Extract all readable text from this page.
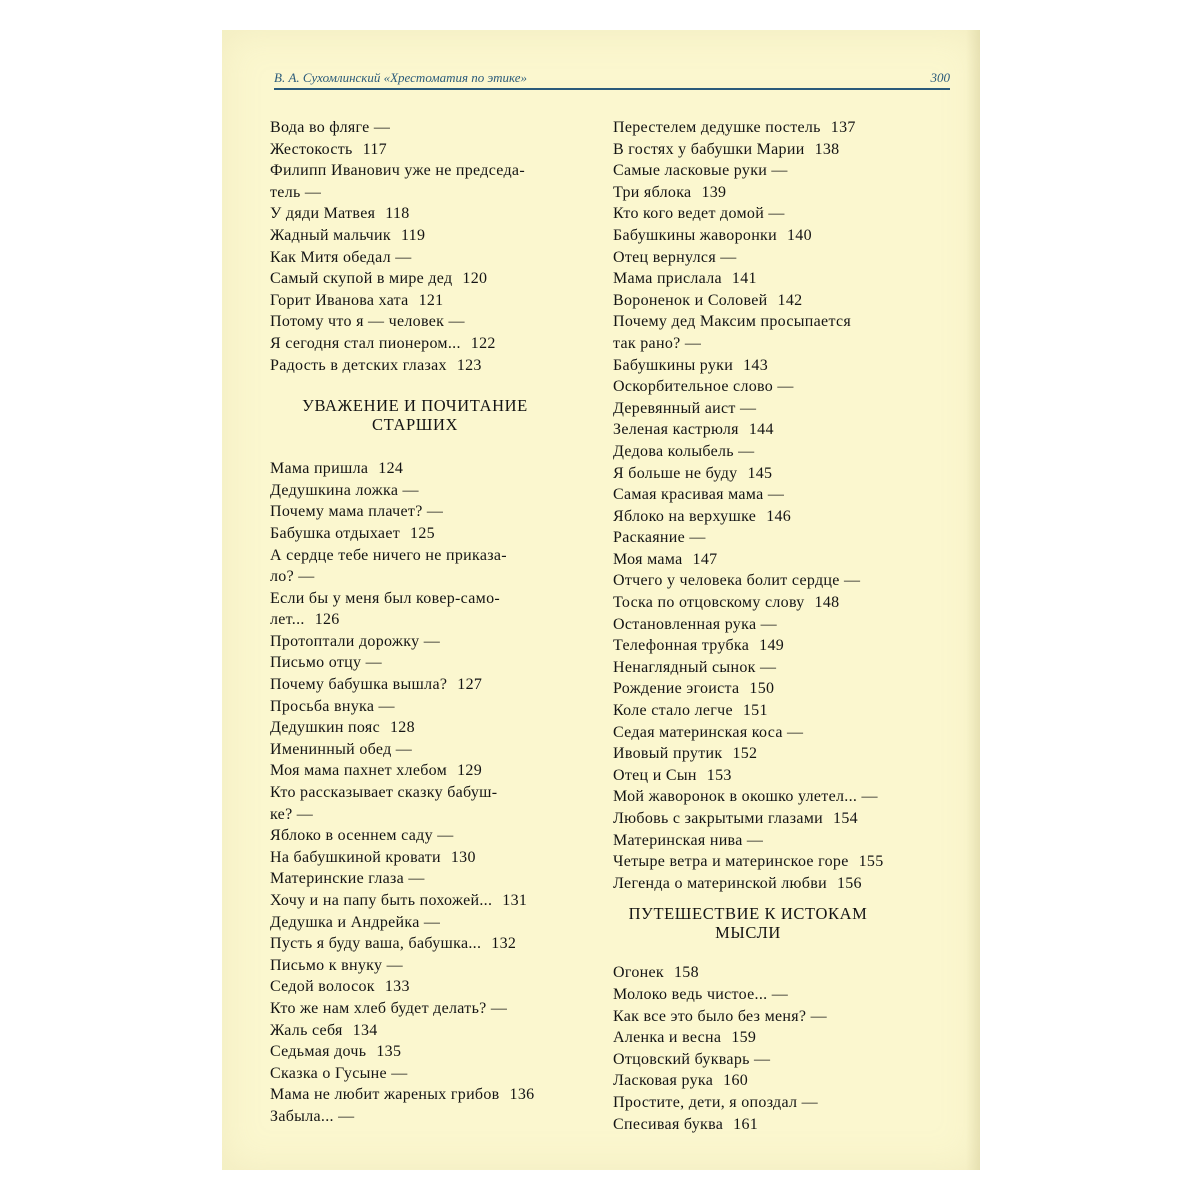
В. А. Сухомлинский «Хрестоматия по этике»	300
Вода во фляге —
Жестокость 117
Филипп Иванович уже не председа-
тель —
У дяди Матвея 118
Жадный мальчик 119
Как Митя обедал —
Самый скупой в мире дед 120
Горит Иванова хата 121
Потому что я — человек —
Я сегодня стал пионером... 122
Радость в детских глазах 123
УВАЖЕНИЕ И ПОЧИТАНИЕ
СТАРШИХ
Мама пришла 124
Дедушкина ложка —
Почему мама плачет? —
Бабушка отдыхает 125
А сердце тебе ничего не приказа-
ло? —
Если бы у меня был ковер-само-
лет... 126
Протоптали дорожку —
Письмо отцу —
Почему бабушка вышла? 127
Просьба внука —
Дедушкин пояс 128
Именинный обед —
Моя мама пахнет хлебом 129
Кто рассказывает сказку бабуш-
ке? —
Яблоко в осеннем саду —
На бабушкиной кровати 130
Материнские глаза —
Хочу и на папу быть похожей... 131
Дедушка и Андрейка —
Пусть я буду ваша, бабушка... 132
Письмо к внуку —
Седой волосок 133
Кто же нам хлеб будет делать? —
Жаль себя 134
Седьмая дочь 135
Сказка о Гусыне —
Мама не любит жареных грибов 136
Забыла... —
Перестелем дедушке постель 137
В гостях у бабушки Марии 138
Самые ласковые руки —
Три яблока 139
Кто кого ведет домой —
Бабушкины жаворонки 140
Отец вернулся —
Мама прислала 141
Вороненок и Соловей 142
Почему дед Максим просыпается
так рано? —
Бабушкины руки 143
Оскорбительное слово —
Деревянный аист —
Зеленая кастрюля 144
Дедова колыбель —
Я больше не буду 145
Самая красивая мама —
Яблоко на верхушке 146
Раскаяние —
Моя мама 147
Отчего у человека болит сердце —
Тоска по отцовскому слову 148
Остановленная рука —
Телефонная трубка 149
Ненаглядный сынок —
Рождение эгоиста 150
Коле стало легче 151
Седая материнская коса —
Ивовый прутик 152
Отец и Сын 153
Мой жаворонок в окошко улетел... —
Любовь с закрытыми глазами 154
Материнская нива —
Четыре ветра и материнское горе 155
Легенда о материнской любви 156
ПУТЕШЕСТВИЕ К ИСТОКАМ
МЫСЛИ
Огонек 158
Молоко ведь чистое... —
Как все это было без меня? —
Аленка и весна 159
Отцовский букварь —
Ласковая рука 160
Простите, дети, я опоздал —
Спесивая буква 161
